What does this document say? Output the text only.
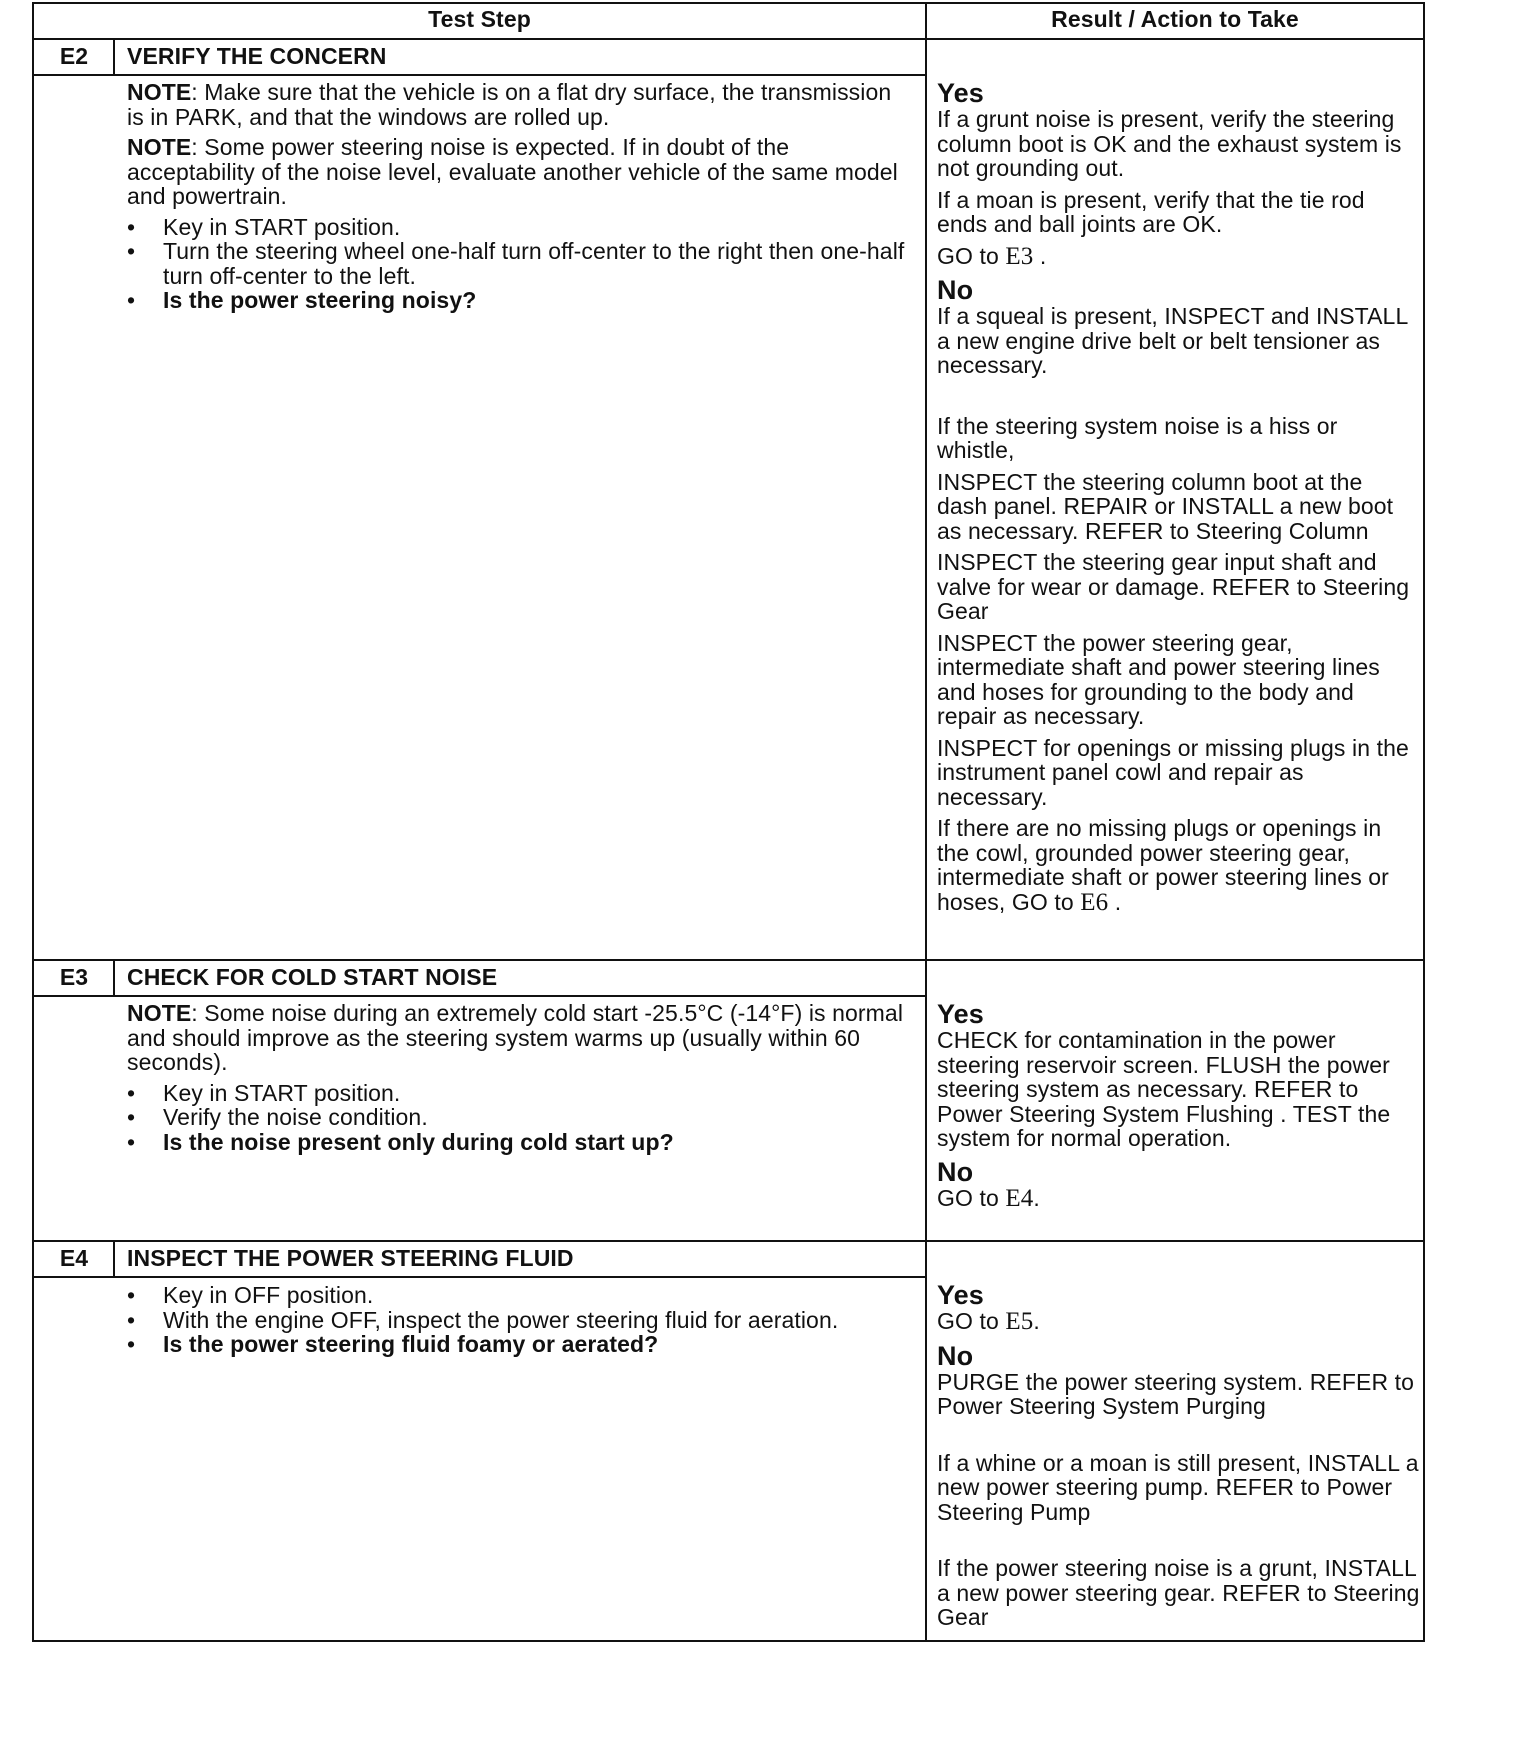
Test Step	Result / Action to Take
E2	VERIFY THE CONCERN
NOTE: Make sure that the vehicle is on a flat dry surface, the transmission is in PARK, and that the windows are rolled up.
NOTE: Some power steering noise is expected. If in doubt of the acceptability of the noise level, evaluate another vehicle of the same model and powertrain.
•	Key in START position.
•	Turn the steering wheel one-half turn off-center to the right then one-half turn off-center to the left.
•	Is the power steering noisy?
Yes

If a grunt noise is present, verify the steering column boot is OK and the exhaust system is not grounding out.

If a moan is present, verify that the tie rod ends and ball joints are OK.

GO to E3 .

No

If a squeal is present, INSPECT and INSTALL a new engine drive belt or belt tensioner as necessary.

If the steering system noise is a hiss or whistle,

INSPECT the steering column boot at the dash panel. REPAIR or INSTALL a new boot as necessary. REFER to Steering Column

INSPECT the steering gear input shaft and valve for wear or damage. REFER to Steering Gear

INSPECT the power steering gear, intermediate shaft and power steering lines and hoses for grounding to the body and repair as necessary.

INSPECT for openings or missing plugs in the instrument panel cowl and repair as necessary.

If there are no missing plugs or openings in the cowl, grounded power steering gear, intermediate shaft or power steering lines or hoses, GO to E6 .

E3	CHECK FOR COLD START NOISE
NOTE: Some noise during an extremely cold start -25.5°C (-14°F) is normal and should improve as the steering system warms up (usually within 60 seconds).
•	Key in START position.
•	Verify the noise condition.
•	Is the noise present only during cold start up?
Yes

CHECK for contamination in the power steering reservoir screen. FLUSH the power steering system as necessary. REFER to Power Steering System Flushing . TEST the system for normal operation.

No

GO to E4.

E4	INSPECT THE POWER STEERING FLUID
•	Key in OFF position.
•	With the engine OFF, inspect the power steering fluid for aeration.
•	Is the power steering fluid foamy or aerated?
Yes

GO to E5.

No

PURGE the power steering system. REFER to Power Steering System Purging

If a whine or a moan is still present, INSTALL a new power steering pump. REFER to Power Steering Pump

If the power steering noise is a grunt, INSTALL a new power steering gear. REFER to Steering Gear
